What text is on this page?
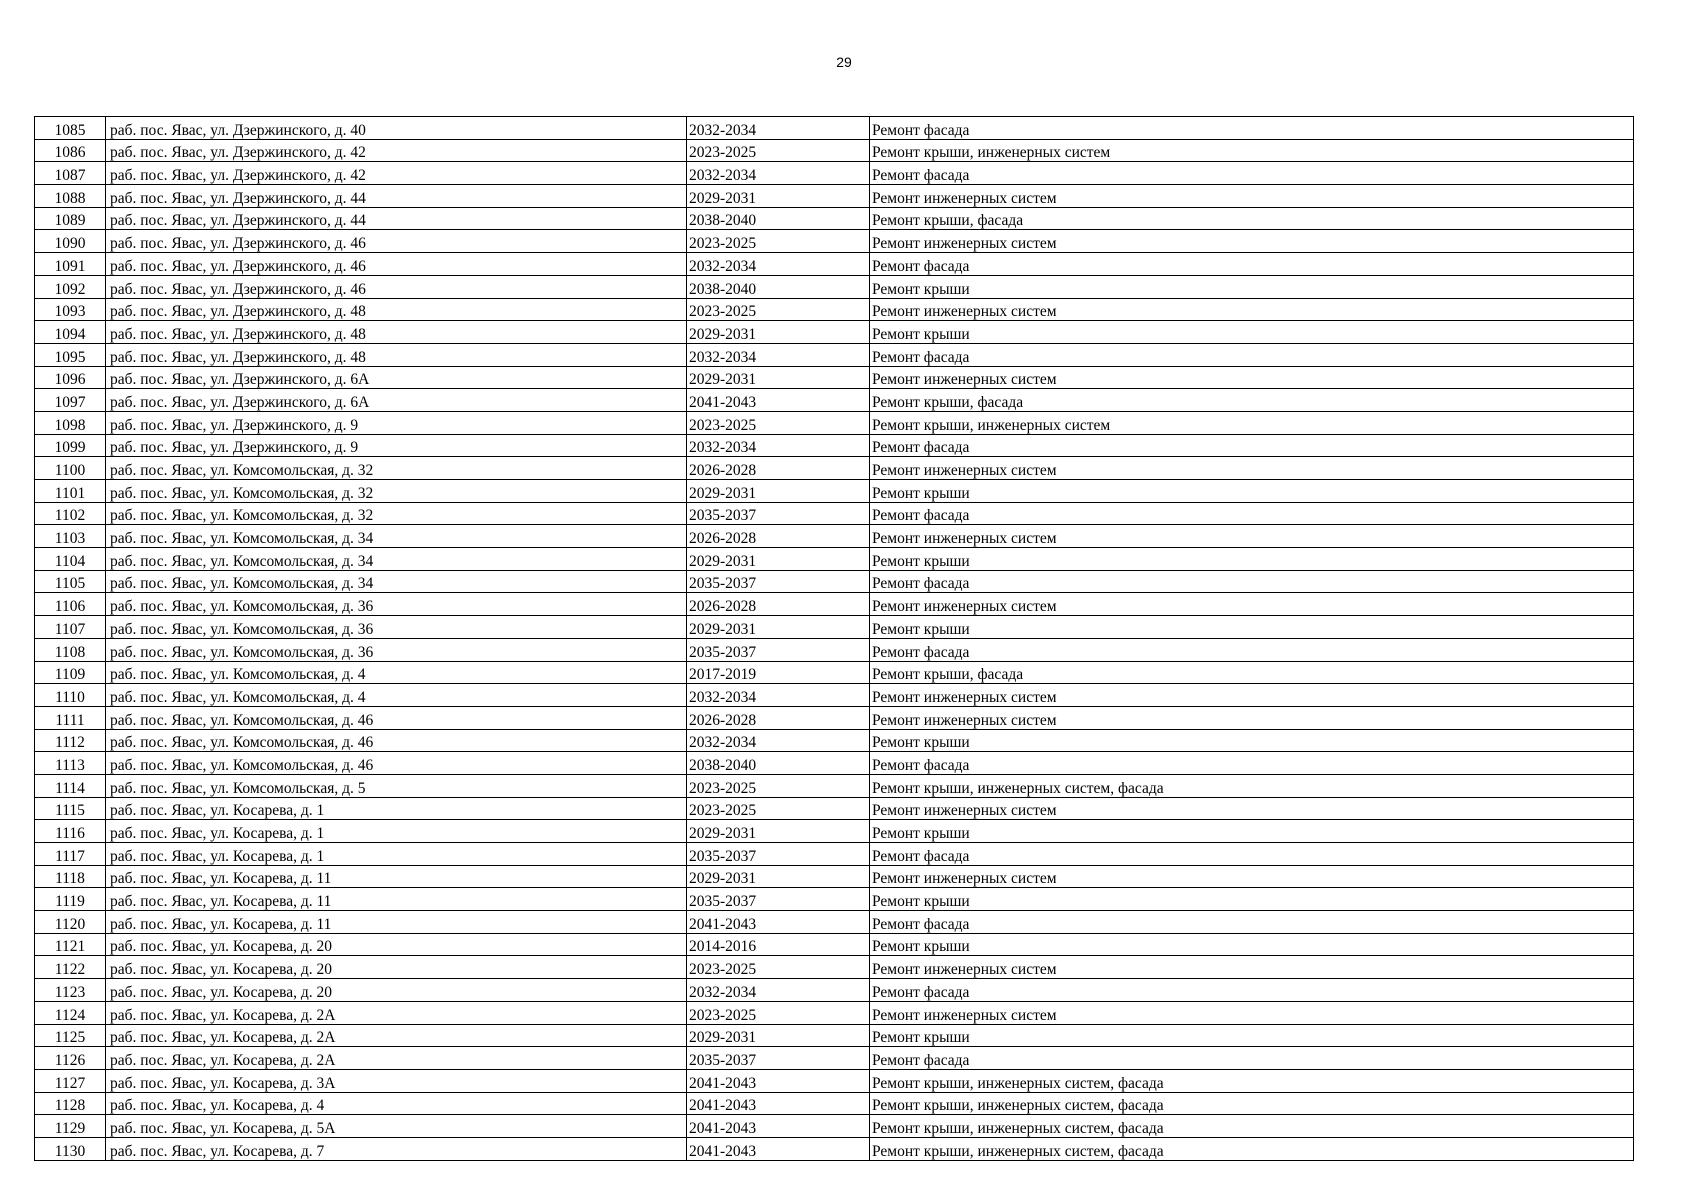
29
1085	раб. пос. Явас, ул. Дзержинского, д. 40	2032-2034	Ремонт фасада
1086	раб. пос. Явас, ул. Дзержинского, д. 42	2023-2025	Ремонт крыши, инженерных систем
1087	раб. пос. Явас, ул. Дзержинского, д. 42	2032-2034	Ремонт фасада
1088	раб. пос. Явас, ул. Дзержинского, д. 44	2029-2031	Ремонт инженерных систем
1089	раб. пос. Явас, ул. Дзержинского, д. 44	2038-2040	Ремонт крыши, фасада
1090	раб. пос. Явас, ул. Дзержинского, д. 46	2023-2025	Ремонт инженерных систем
1091	раб. пос. Явас, ул. Дзержинского, д. 46	2032-2034	Ремонт фасада
1092	раб. пос. Явас, ул. Дзержинского, д. 46	2038-2040	Ремонт крыши
1093	раб. пос. Явас, ул. Дзержинского, д. 48	2023-2025	Ремонт инженерных систем
1094	раб. пос. Явас, ул. Дзержинского, д. 48	2029-2031	Ремонт крыши
1095	раб. пос. Явас, ул. Дзержинского, д. 48	2032-2034	Ремонт фасада
1096	раб. пос. Явас, ул. Дзержинского, д. 6А	2029-2031	Ремонт инженерных систем
1097	раб. пос. Явас, ул. Дзержинского, д. 6А	2041-2043	Ремонт крыши, фасада
1098	раб. пос. Явас, ул. Дзержинского, д. 9	2023-2025	Ремонт крыши, инженерных систем
1099	раб. пос. Явас, ул. Дзержинского, д. 9	2032-2034	Ремонт фасада
1100	раб. пос. Явас, ул. Комсомольская, д. 32	2026-2028	Ремонт инженерных систем
1101	раб. пос. Явас, ул. Комсомольская, д. 32	2029-2031	Ремонт крыши
1102	раб. пос. Явас, ул. Комсомольская, д. 32	2035-2037	Ремонт фасада
1103	раб. пос. Явас, ул. Комсомольская, д. 34	2026-2028	Ремонт инженерных систем
1104	раб. пос. Явас, ул. Комсомольская, д. 34	2029-2031	Ремонт крыши
1105	раб. пос. Явас, ул. Комсомольская, д. 34	2035-2037	Ремонт фасада
1106	раб. пос. Явас, ул. Комсомольская, д. 36	2026-2028	Ремонт инженерных систем
1107	раб. пос. Явас, ул. Комсомольская, д. 36	2029-2031	Ремонт крыши
1108	раб. пос. Явас, ул. Комсомольская, д. 36	2035-2037	Ремонт фасада
1109	раб. пос. Явас, ул. Комсомольская, д. 4	2017-2019	Ремонт крыши, фасада
1110	раб. пос. Явас, ул. Комсомольская, д. 4	2032-2034	Ремонт инженерных систем
1111	раб. пос. Явас, ул. Комсомольская, д. 46	2026-2028	Ремонт инженерных систем
1112	раб. пос. Явас, ул. Комсомольская, д. 46	2032-2034	Ремонт крыши
1113	раб. пос. Явас, ул. Комсомольская, д. 46	2038-2040	Ремонт фасада
1114	раб. пос. Явас, ул. Комсомольская, д. 5	2023-2025	Ремонт крыши, инженерных систем, фасада
1115	раб. пос. Явас, ул. Косарева, д. 1	2023-2025	Ремонт инженерных систем
1116	раб. пос. Явас, ул. Косарева, д. 1	2029-2031	Ремонт крыши
1117	раб. пос. Явас, ул. Косарева, д. 1	2035-2037	Ремонт фасада
1118	раб. пос. Явас, ул. Косарева, д. 11	2029-2031	Ремонт инженерных систем
1119	раб. пос. Явас, ул. Косарева, д. 11	2035-2037	Ремонт крыши
1120	раб. пос. Явас, ул. Косарева, д. 11	2041-2043	Ремонт фасада
1121	раб. пос. Явас, ул. Косарева, д. 20	2014-2016	Ремонт крыши
1122	раб. пос. Явас, ул. Косарева, д. 20	2023-2025	Ремонт инженерных систем
1123	раб. пос. Явас, ул. Косарева, д. 20	2032-2034	Ремонт фасада
1124	раб. пос. Явас, ул. Косарева, д. 2А	2023-2025	Ремонт инженерных систем
1125	раб. пос. Явас, ул. Косарева, д. 2А	2029-2031	Ремонт крыши
1126	раб. пос. Явас, ул. Косарева, д. 2А	2035-2037	Ремонт фасада
1127	раб. пос. Явас, ул. Косарева, д. 3А	2041-2043	Ремонт крыши, инженерных систем, фасада
1128	раб. пос. Явас, ул. Косарева, д. 4	2041-2043	Ремонт крыши, инженерных систем, фасада
1129	раб. пос. Явас, ул. Косарева, д. 5А	2041-2043	Ремонт крыши, инженерных систем, фасада
1130	раб. пос. Явас, ул. Косарева, д. 7	2041-2043	Ремонт крыши, инженерных систем, фасада
